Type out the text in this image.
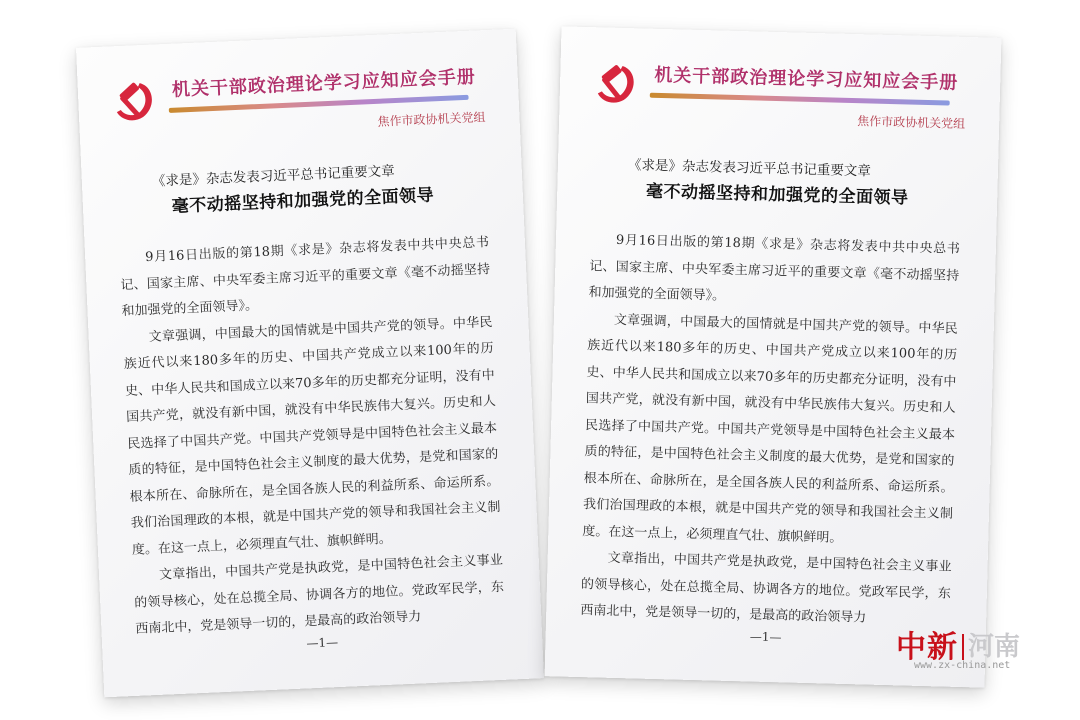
机关干部政治理论学习应知应会手册
焦作市政协机关党组
《求是》杂志发表习近平总书记重要文章
毫不动摇坚持和加强党的全面领导

9月16日出版的第18期《求是》杂志将发表中共中央总书记、国家主席、中央军委主席习近平的重要文章《毫不动摇坚持和加强党的全面领导》。

文章强调，中国最大的国情就是中国共产党的领导。中华民族近代以来180多年的历史、中国共产党成立以来100年的历史、中华人民共和国成立以来70多年的历史都充分证明，没有中国共产党，就没有新中国，就没有中华民族伟大复兴。历史和人民选择了中国共产党。中国共产党领导是中国特色社会主义最本质的特征，是中国特色社会主义制度的最大优势，是党和国家的根本所在、命脉所在，是全国各族人民的利益所系、命运所系。我们治国理政的本根，就是中国共产党的领导和我国社会主义制度。在这一点上，必须理直气壮、旗帜鲜明。

文章指出，中国共产党是执政党，是中国特色社会主义事业的领导核心，处在总揽全局、协调各方的地位。党政军民学，东西南北中，党是领导一切的，是最高的政治领导力

—1—
机关干部政治理论学习应知应会手册
焦作市政协机关党组
《求是》杂志发表习近平总书记重要文章
毫不动摇坚持和加强党的全面领导

9月16日出版的第18期《求是》杂志将发表中共中央总书记、国家主席、中央军委主席习近平的重要文章《毫不动摇坚持和加强党的全面领导》。

文章强调，中国最大的国情就是中国共产党的领导。中华民族近代以来180多年的历史、中国共产党成立以来100年的历史、中华人民共和国成立以来70多年的历史都充分证明，没有中国共产党，就没有新中国，就没有中华民族伟大复兴。历史和人民选择了中国共产党。中国共产党领导是中国特色社会主义最本质的特征，是中国特色社会主义制度的最大优势，是党和国家的根本所在、命脉所在，是全国各族人民的利益所系、命运所系。我们治国理政的本根，就是中国共产党的领导和我国社会主义制度。在这一点上，必须理直气壮、旗帜鲜明。

文章指出，中国共产党是执政党，是中国特色社会主义事业的领导核心，处在总揽全局、协调各方的地位。党政军民学，东西南北中，党是领导一切的，是最高的政治领导力

—1—	中新 河南
www.zx-china.net
